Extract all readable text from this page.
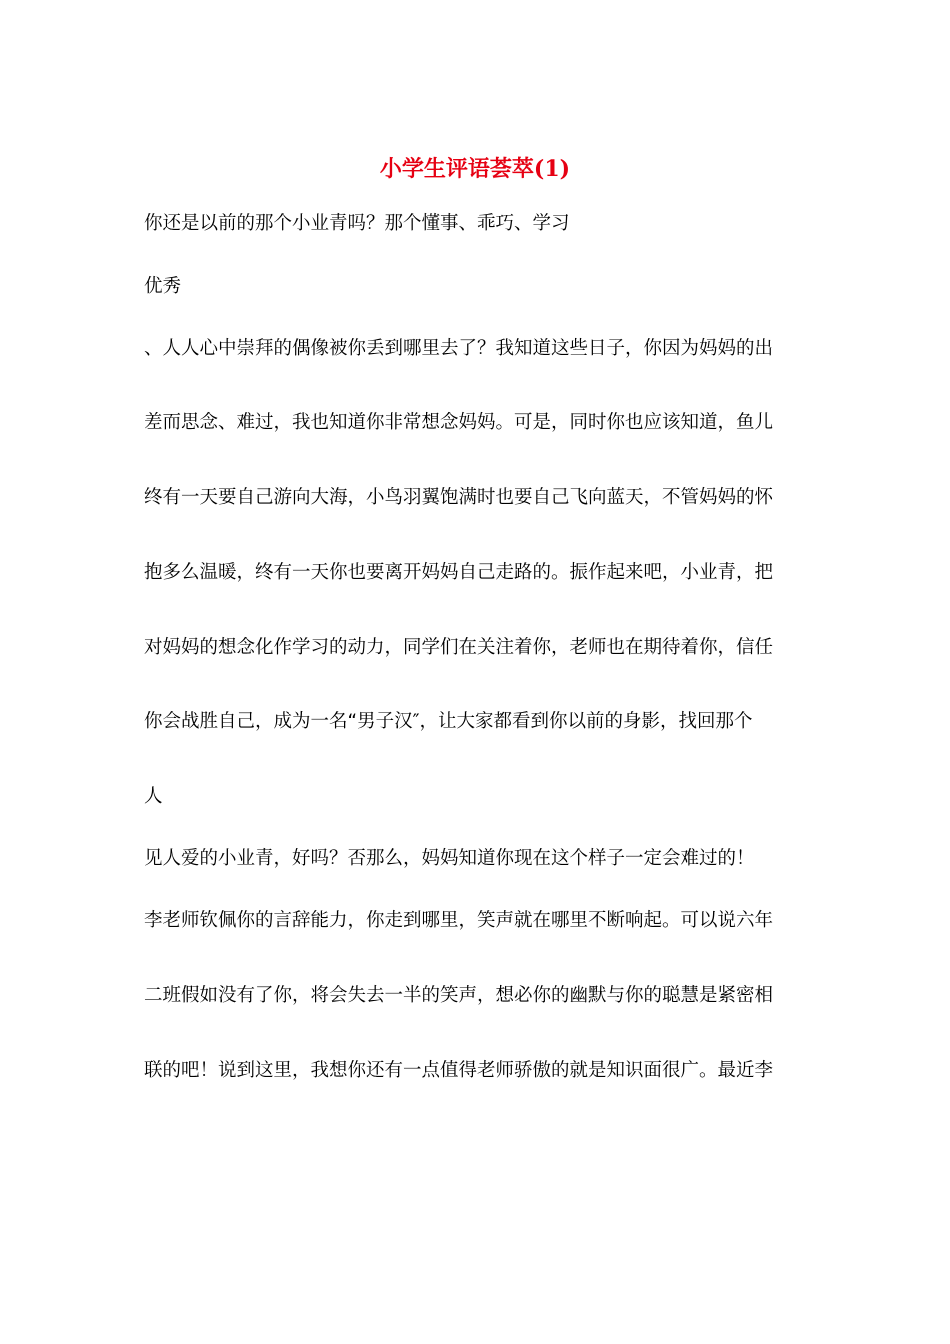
小学生评语荟萃(1)
你还是以前的那个小业青吗？那个懂事、乖巧、学习
优秀
、人人心中崇拜的偶像被你丢到哪里去了？我知道这些日子，你因为妈妈的出
差而思念、难过，我也知道你非常想念妈妈。可是，同时你也应该知道，鱼儿
终有一天要自己游向大海，小鸟羽翼饱满时也要自己飞向蓝天，不管妈妈的怀
抱多么温暖，终有一天你也要离开妈妈自己走路的。振作起来吧，小业青，把
对妈妈的想念化作学习的动力，同学们在关注着你，老师也在期待着你，信任
你会战胜自己，成为一名“男子汉″，让大家都看到你以前的身影，找回那个
人
见人爱的小业青，好吗？否那么，妈妈知道你现在这个样子一定会难过的！
李老师钦佩你的言辞能力，你走到哪里，笑声就在哪里不断响起。可以说六年
二班假如没有了你，将会失去一半的笑声，想必你的幽默与你的聪慧是紧密相
联的吧！说到这里，我想你还有一点值得老师骄傲的就是知识面很广。最近李
